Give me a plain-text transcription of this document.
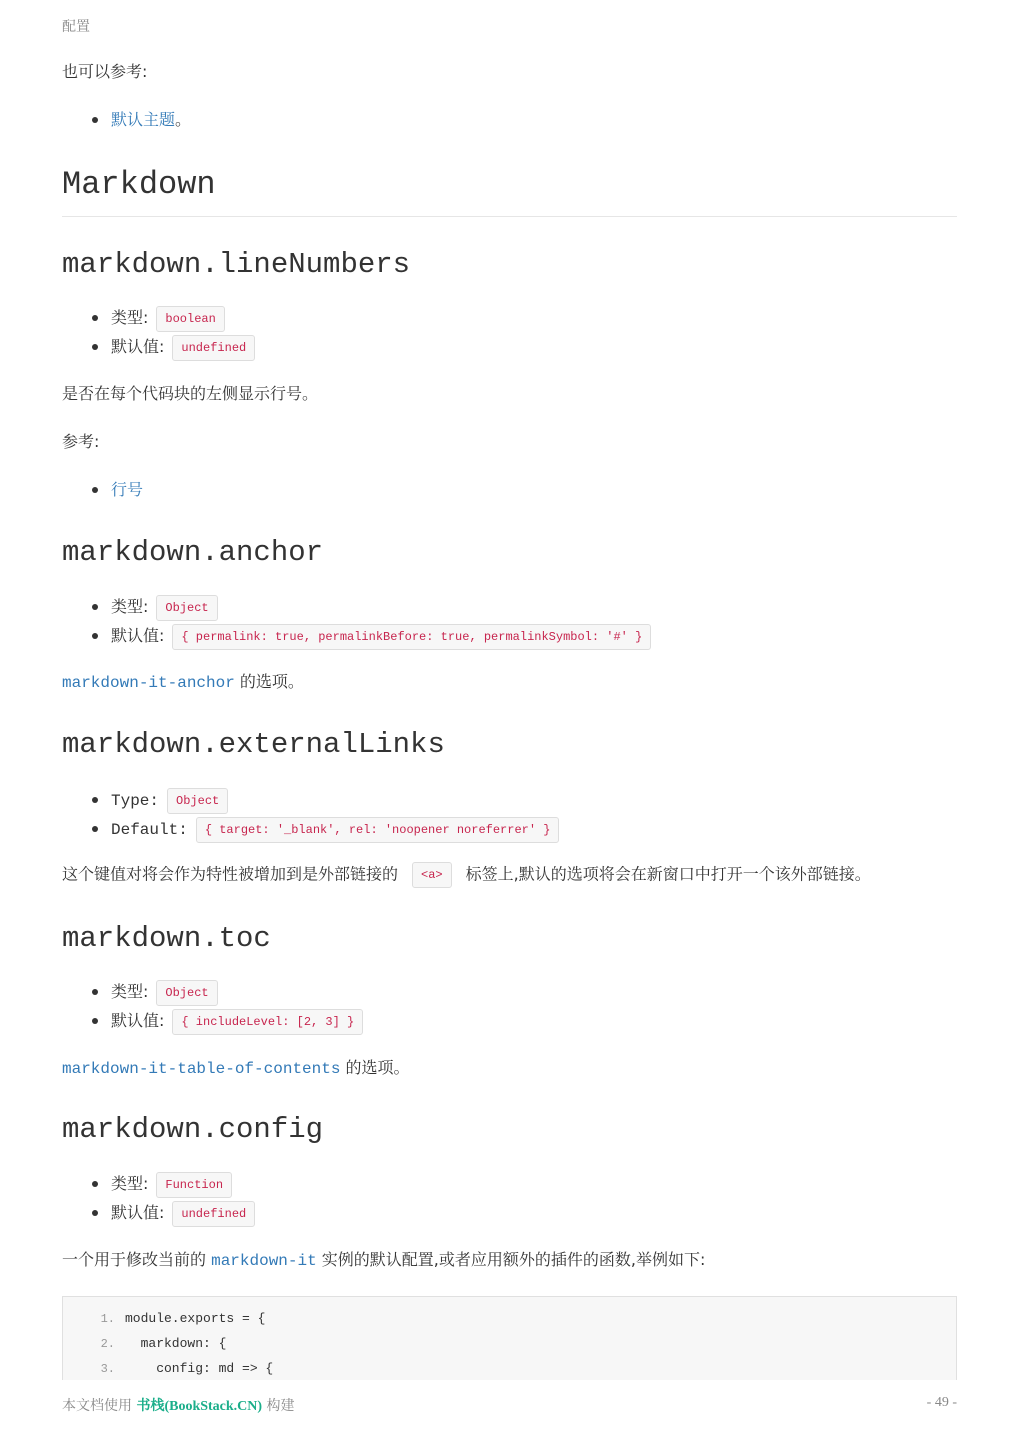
配置

也可以参考:

默认主题。
Markdown
markdown.lineNumbers
类型: boolean
默认值: undefined

是否在每个代码块的左侧显示行号。

参考:

行号
markdown.anchor
类型: Object
默认值: { permalink: true, permalinkBefore: true, permalinkSymbol: '#' }

markdown-it-anchor 的选项。

markdown.externalLinks
Type: Object
Default: { target: '_blank', rel: 'noopener noreferrer' }

这个键值对将会作为特性被增加到是外部链接的 <a> 标签上,默认的选项将会在新窗口中打开一个该外部链接。

markdown.toc
类型: Object
默认值: { includeLevel: [2, 3] }

markdown-it-table-of-contents 的选项。

markdown.config
类型: Function
默认值: undefined

一个用于修改当前的 markdown-it 实例的默认配置,或者应用额外的插件的函数,举例如下:

1. module.exports = {
2.  markdown: {
3.    config: md => {
本文档使用 书栈(BookStack.CN) 构建	- 49 -
